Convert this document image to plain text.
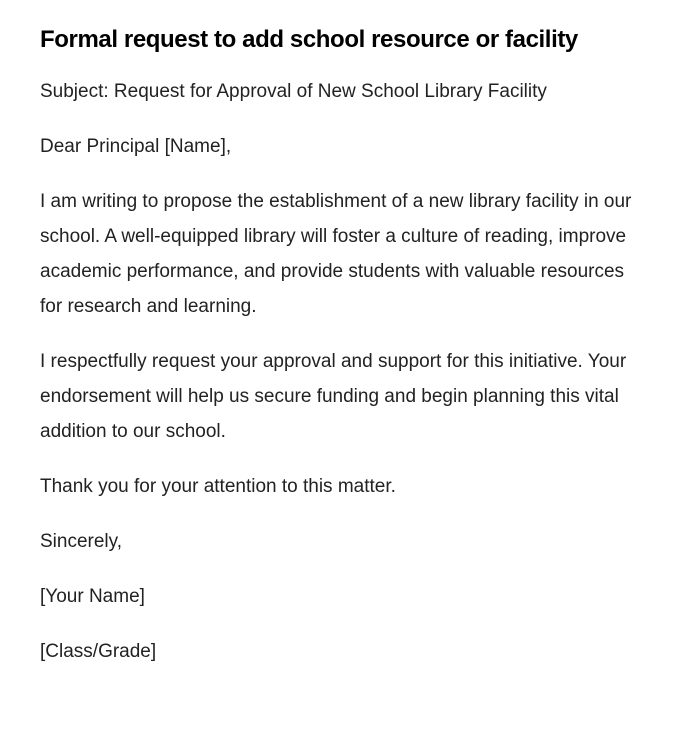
Formal request to add school resource or facility

Subject: Request for Approval of New School Library Facility

Dear Principal [Name],

I am writing to propose the establishment of a new library facility in our school. A well-equipped library will foster a culture of reading, improve academic performance, and provide students with valuable resources for research and learning.

I respectfully request your approval and support for this initiative. Your endorsement will help us secure funding and begin planning this vital addition to our school.

Thank you for your attention to this matter.

Sincerely,

[Your Name]

[Class/Grade]
